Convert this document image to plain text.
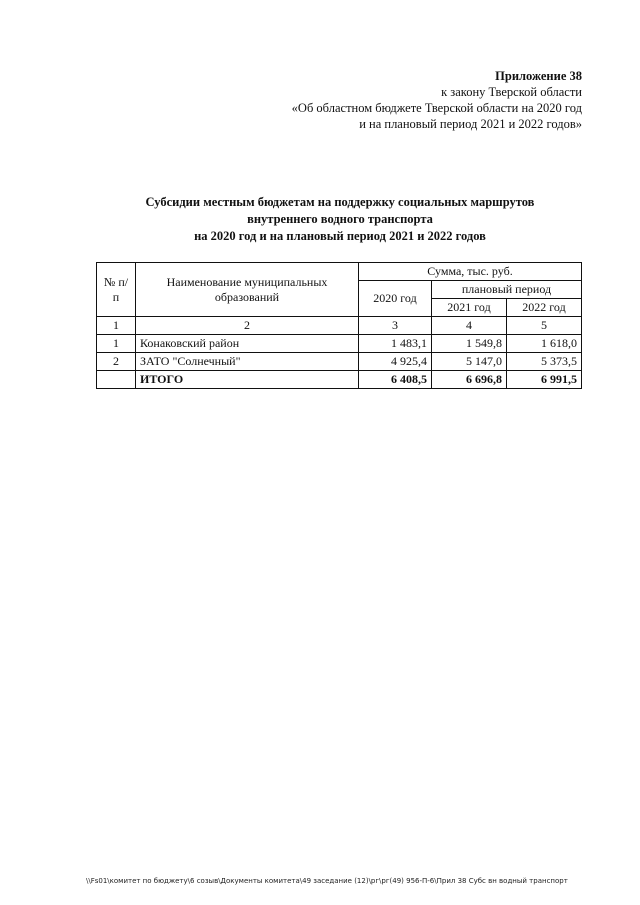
Приложение 38
к закону Тверской области
«Об областном бюджете Тверской области на 2020 год
и на плановый период 2021 и 2022 годов»
Субсидии местным бюджетам на поддержку социальных маршрутов
внутреннего водного транспорта
на 2020 год и на плановый период 2021 и 2022 годов
№ п/п	Наименование муниципальных образований	Сумма, тыс. руб.		
		2020 год	плановый период	
			2021 год	2022 год
1	2	3	4	5
1	Конаковский район	1 483,1	1 549,8	1 618,0
2	ЗАТО "Солнечный"	4 925,4	5 147,0	5 373,5
	ИТОГО	6 408,5	6 696,8	6 991,5
\\Fs01\комитет по бюджету\6 созыв\Документы комитета\49 заседание (12)\рг\рг(49) 956-П-6\Прил 38 Субс вн водный транспорт
